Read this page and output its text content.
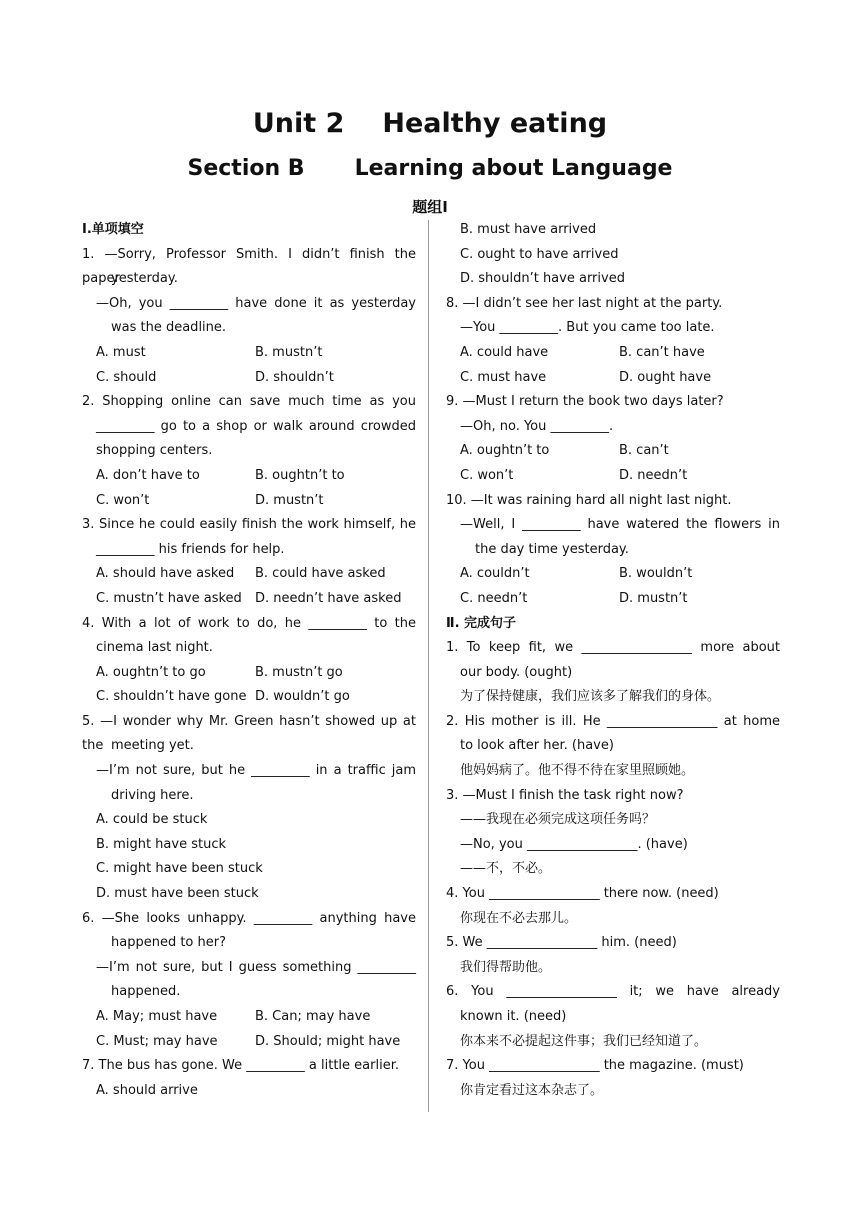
Unit 2 Healthy eating
Section B Learning about Language
题组Ⅰ
Ⅰ.单项填空
1. —Sorry, Professor Smith. I didn’t finish the paper
yesterday.
—Oh, you _________ have done it as yesterday
was the deadline.
A. must	B. mustn’t
C. should	D. shouldn’t
2. Shopping online can save much time as you
_________ go to a shop or walk around crowded
shopping centers.
A. don’t have to	B. oughtn’t to
C. won’t	D. mustn’t
3. Since he could easily finish the work himself, he
_________ his friends for help.
A. should have asked	B. could have asked
C. mustn’t have asked	D. needn’t have asked
4. With a lot of work to do, he _________ to the
cinema last night.
A. oughtn’t to go	B. mustn’t go
C. shouldn’t have gone D. wouldn’t go
5. —I wonder why Mr. Green hasn’t showed up at the meeting yet.
—I’m not sure, but he _________ in a traffic jam
driving here.
A. could be stuck
B. might have stuck
C. might have been stuck
D. must have been stuck
6. —She looks unhappy. _________ anything have
happened to her?
—I’m not sure, but I guess something _________
happened.
A. May; must have	B. Can; may have
C. Must; may have	D. Should; might have
7. The bus has gone. We _________ a little earlier.
A. should arrive
B. must have arrived
C. ought to have arrived
D. shouldn’t have arrived
8. —I didn’t see her last night at the party.
—You _________. But you came too late.
A. could have	B. can’t have
C. must have	D. ought have
9. —Must I return the book two days later?
—Oh, no. You _________.
A. oughtn’t to	B. can’t
C. won’t	D. needn’t
10. —It was raining hard all night last night.
—Well, I _________ have watered the flowers in
the day time yesterday.
A. couldn’t	B. wouldn’t
C. needn’t	D. mustn’t
Ⅱ. 完成句子
1. To keep fit, we _________________ more about
our body. (ought)
为了保持健康，我们应该多了解我们的身体。
2. His mother is ill. He _________________ at home
to look after her. (have)
他妈妈病了。他不得不待在家里照顾她。
3. —Must I finish the task right now?
——我现在必须完成这项任务吗？
—No, you _________________. (have)
——不，不必。
4. You _________________ there now. (need)
你现在不必去那儿。
5. We _________________ him. (need)
我们得帮助他。
6. You _________________ it; we have already
known it. (need)
你本来不必提起这件事；我们已经知道了。
7. You _________________ the magazine. (must)
你肯定看过这本杂志了。
